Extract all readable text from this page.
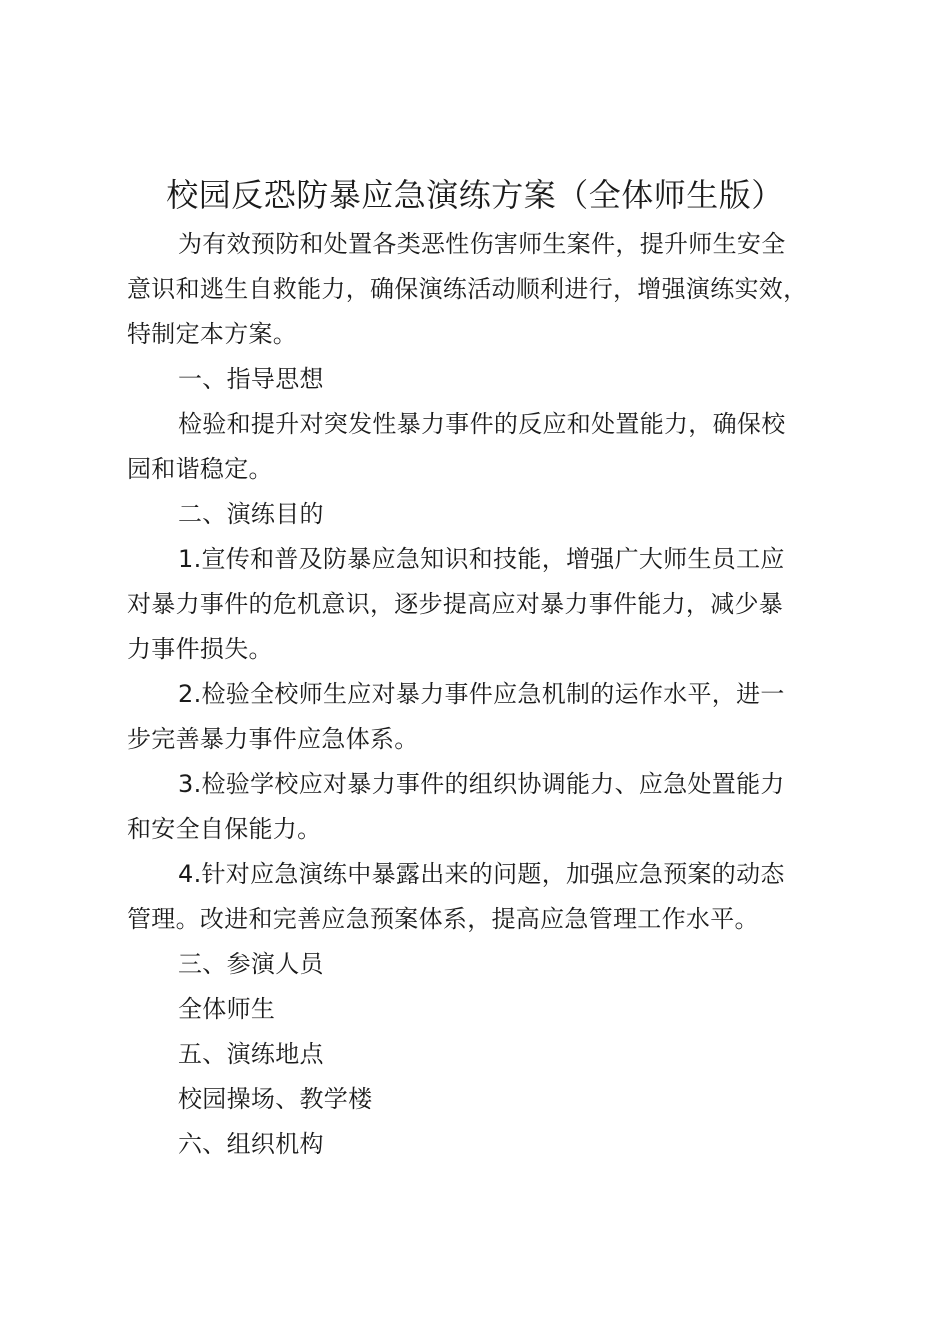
校园反恐防暴应急演练方案（全体师生版）
为有效预防和处置各类恶性伤害师生案件，提升师生安全
意识和逃生自救能力，确保演练活动顺利进行，增强演练实效，
特制定本方案。
一、指导思想
检验和提升对突发性暴力事件的反应和处置能力，确保校
园和谐稳定。
二、演练目的
1.宣传和普及防暴应急知识和技能，增强广大师生员工应
对暴力事件的危机意识，逐步提高应对暴力事件能力，减少暴
力事件损失。
2.检验全校师生应对暴力事件应急机制的运作水平，进一
步完善暴力事件应急体系。
3.检验学校应对暴力事件的组织协调能力、应急处置能力
和安全自保能力。
4.针对应急演练中暴露出来的问题，加强应急预案的动态
管理。改进和完善应急预案体系，提高应急管理工作水平。
三、参演人员
全体师生
五、演练地点
校园操场、教学楼
六、组织机构
